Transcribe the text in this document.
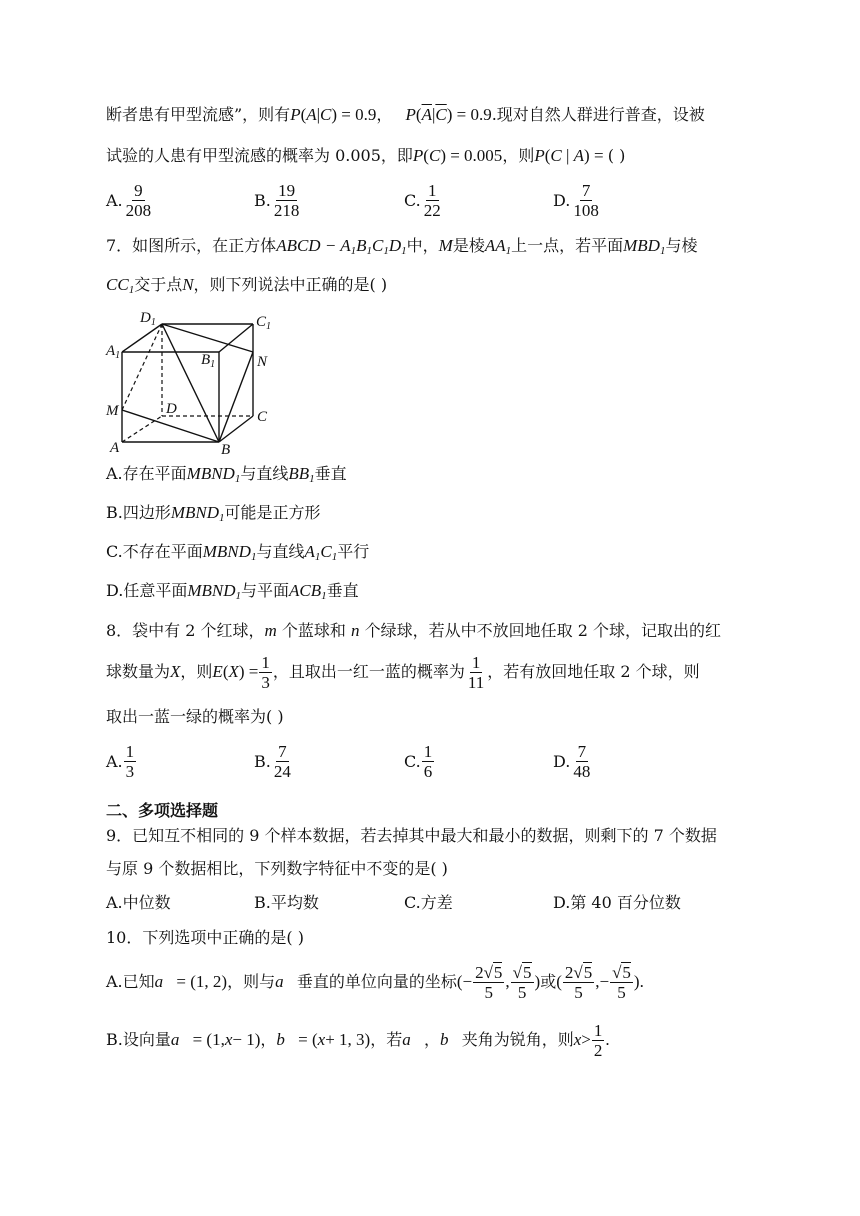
断者患有甲型流感”，则有P(A|C) = 0.9， $P(\overline{A}|\overline{C}) = 0.9$.现对自然人群进行普查，设被
试验的人患有甲型流感的概率为 0.005，即P(C) = 0.005，则P(C | A) = ( )
A. $\frac{9}{208}$	B. $\frac{19}{218}$	C. $\frac{1}{22}$	D. $\frac{7}{108}$
7．如图所示，在正方体ABCD − $A_1B_1C_1D_1$中，M是棱$AA_1$上一点，若平面$MBD_1$与棱
$CC_1$交于点N，则下列说法中正确的是( )
$D_1$	$C_1$
$A_1$	$B_1$	N
M	D	C
A	B
A.存在平面$MBND_1$与直线$BB_1$垂直
B.四边形$MBND_1$可能是正方形
C.不存在平面$MBND_1$与直线$A_1C_1$平行
D.任意平面$MBND_1$与平面$ACB_1$垂直
8．袋中有 2 个红球，m 个蓝球和 n 个绿球，若从中不放回地任取 2 个球，记取出的红
球数量为 X ，则 E ( X ) = $\frac{1}{3}$ ，且取出一红一蓝的概率为 $\frac{1}{11}$ ，若有放回地任取 2 个球，则
取出一蓝一绿的概率为( )
A. $\frac{1}{3}$	B. $\frac{7}{24}$	C. $\frac{1}{6}$	D. $\frac{7}{48}$
二、多项选择题
9．已知互不相同的 9 个样本数据，若去掉其中最大和最小的数据，则剩下的 7 个数据
与原 9 个数据相比，下列数字特征中不变的是( )
A.中位数	B.平均数	C.方差	D.第 40 百分位数
10．下列选项中正确的是( )
A.已知 a⃗ = (1, 2) ，则与 a⃗ 垂直的单位向量的坐标 (− $\frac{2√5}{5}$ , $\frac{√5}{5}$ ) 或 ( $\frac{2√5}{5}$ ,− $\frac{√5}{5}$ ).
B.设向量 a⃗ = (1, x − 1) ， b⃗ = ( x + 1, 3) ，若 a⃗ ， b⃗ 夹角为锐角，则 $x > \frac{1}{2}$ .
